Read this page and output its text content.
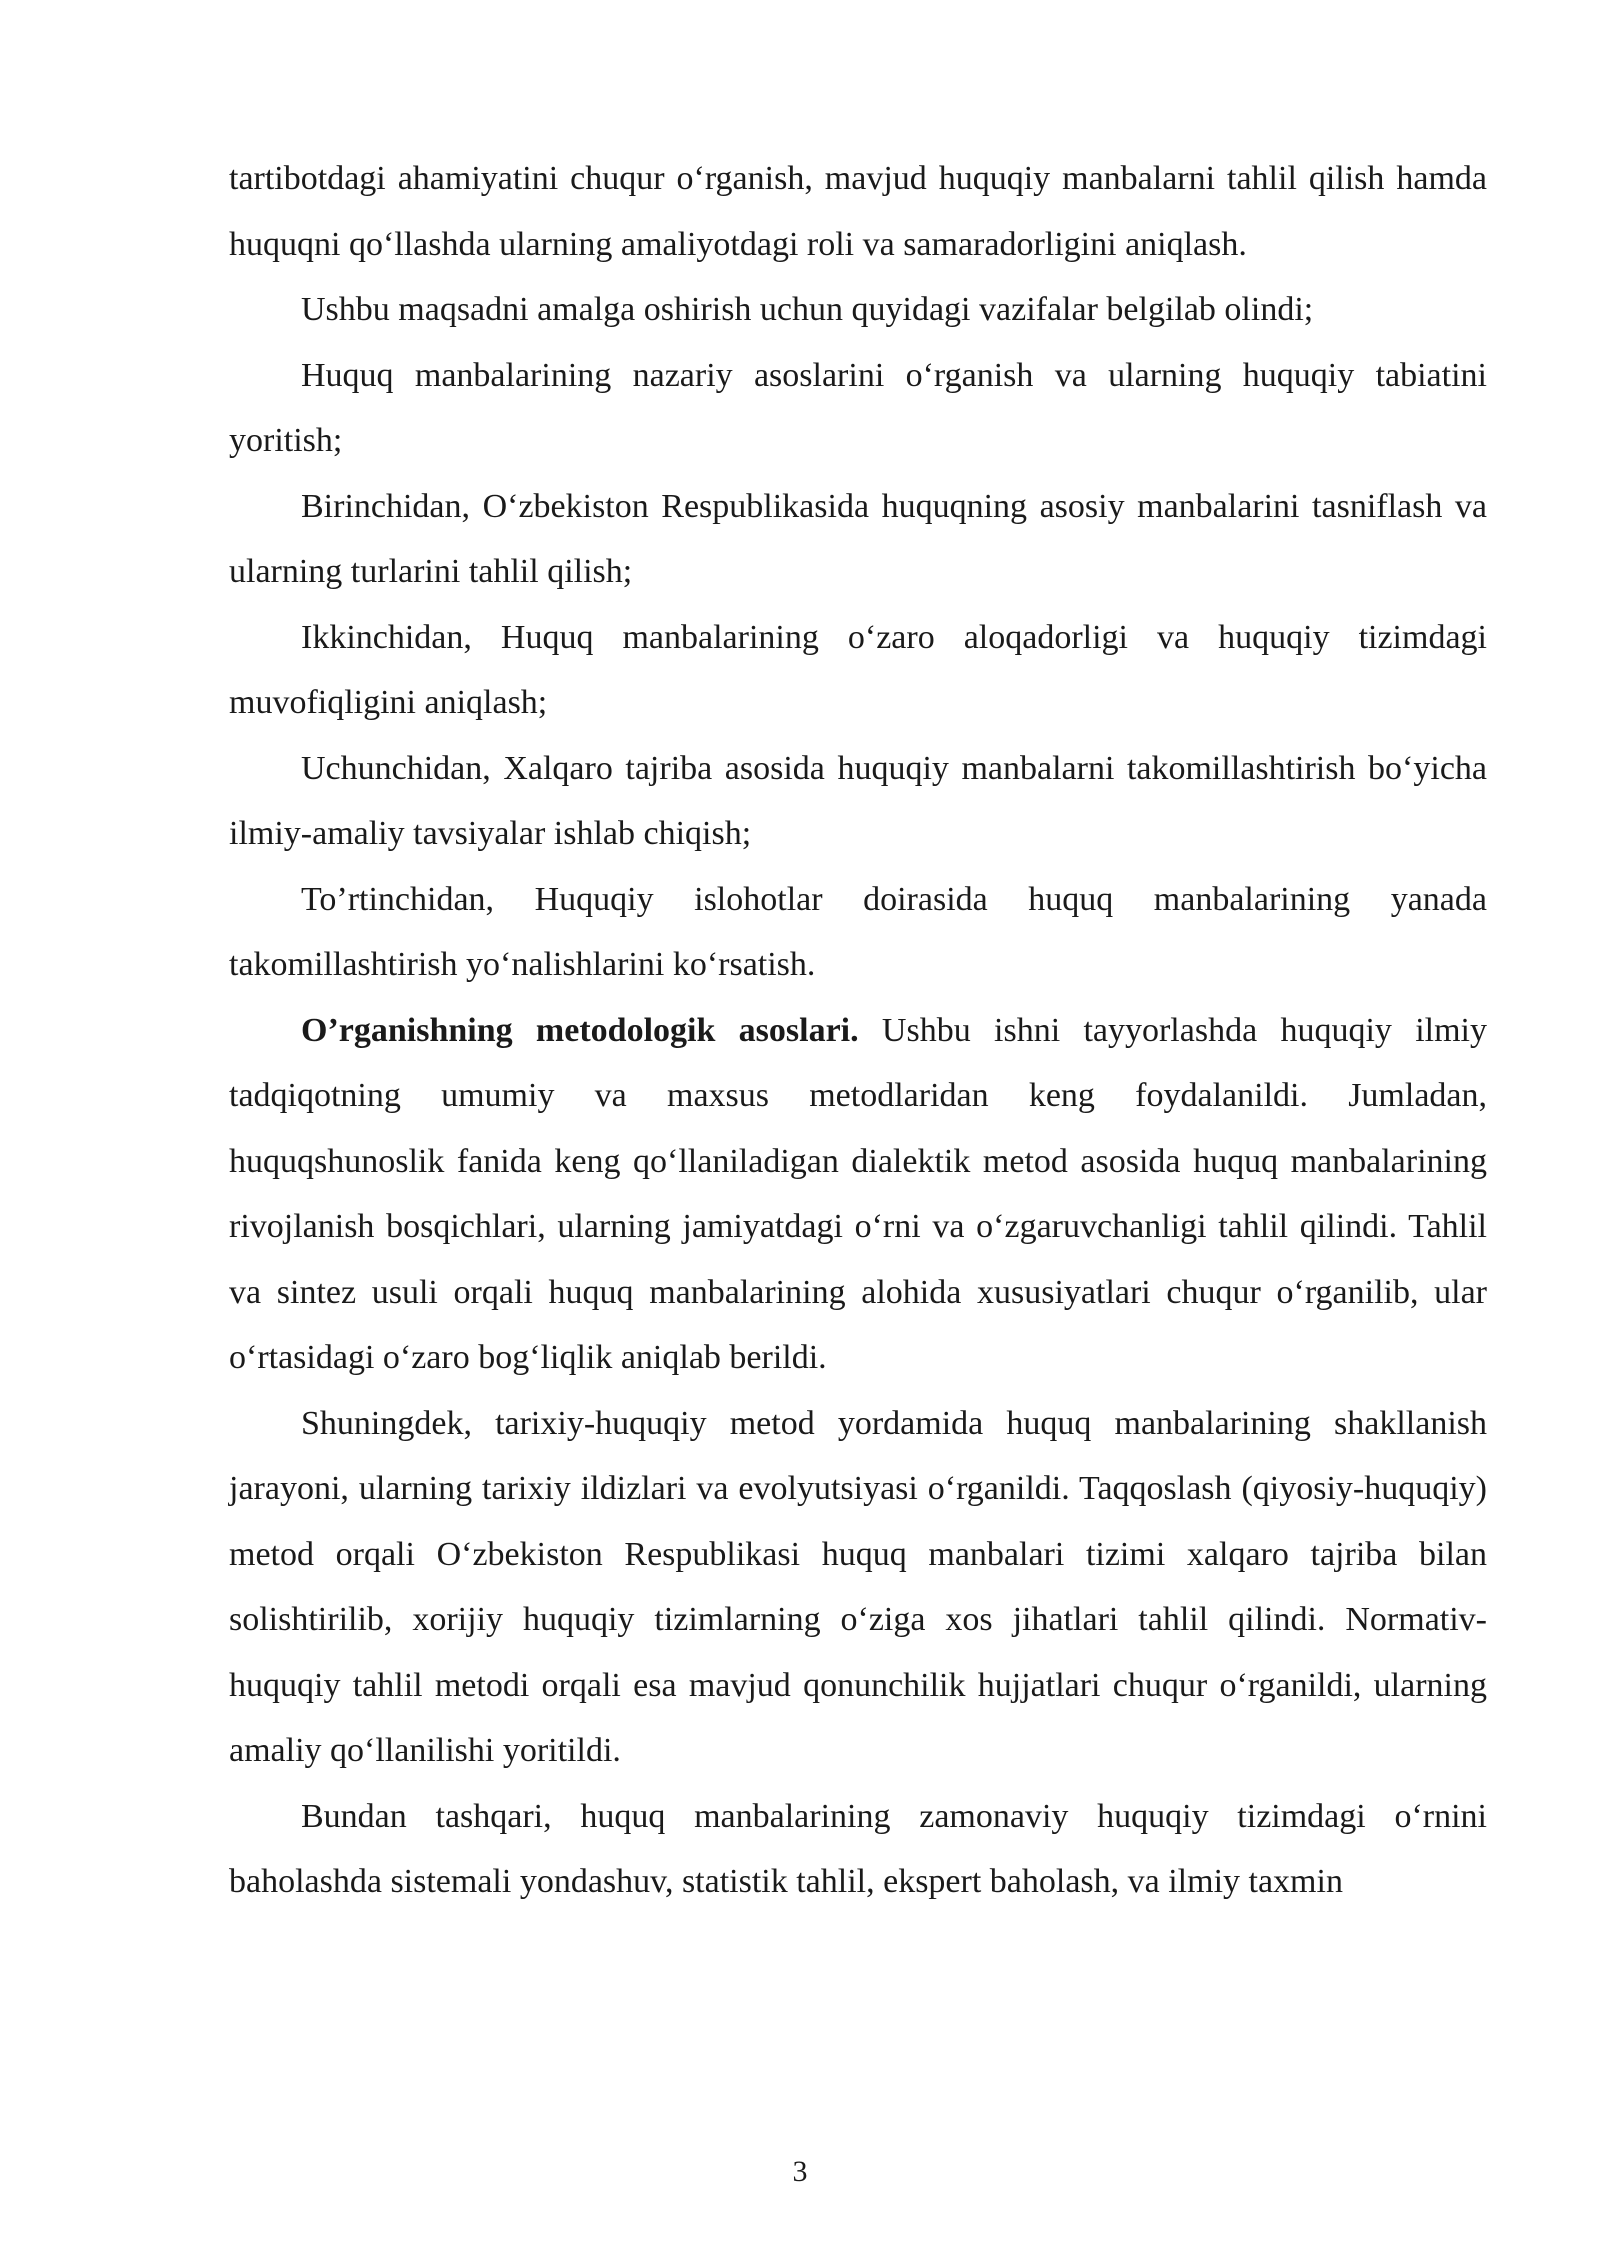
tartibotdagi ahamiyatini chuqur o‘rganish, mavjud huquqiy manbalarni tahlil qilish hamda huquqni qo‘llashda ularning amaliyotdagi roli va samaradorligini aniqlash.

Ushbu maqsadni amalga oshirish uchun quyidagi vazifalar belgilab olindi;

Huquq manbalarining nazariy asoslarini o‘rganish va ularning huquqiy tabiatini yoritish;

Birinchidan, O‘zbekiston Respublikasida huquqning asosiy manbalarini tasniflash va ularning turlarini tahlil qilish;

Ikkinchidan, Huquq manbalarining o‘zaro aloqadorligi va huquqiy tizimdagi muvofiqligini aniqlash;

Uchunchidan, Xalqaro tajriba asosida huquqiy manbalarni takomillashtirish bo‘yicha ilmiy-amaliy tavsiyalar ishlab chiqish;

To’rtinchidan, Huquqiy islohotlar doirasida huquq manbalarining yanada takomillashtirish yo‘nalishlarini ko‘rsatish.

O’rganishning metodologik asoslari. Ushbu ishni tayyorlashda huquqiy ilmiy tadqiqotning umumiy va maxsus metodlaridan keng foydalanildi. Jumladan, huquqshunoslik fanida keng qo‘llaniladigan dialektik metod asosida huquq manbalarining rivojlanish bosqichlari, ularning jamiyatdagi o‘rni va o‘zgaruvchanligi tahlil qilindi. Tahlil va sintez usuli orqali huquq manbalarining alohida xususiyatlari chuqur o‘rganilib, ular o‘rtasidagi o‘zaro bog‘liqlik aniqlab berildi.

Shuningdek, tarixiy-huquqiy metod yordamida huquq manbalarining shakllanish jarayoni, ularning tarixiy ildizlari va evolyutsiyasi o‘rganildi. Taqqoslash (qiyosiy-huquqiy) metod orqali O‘zbekiston Respublikasi huquq manbalari tizimi xalqaro tajriba bilan solishtirilib, xorijiy huquqiy tizimlarning o‘ziga xos jihatlari tahlil qilindi. Normativ-huquqiy tahlil metodi orqali esa mavjud qonunchilik hujjatlari chuqur o‘rganildi, ularning amaliy qo‘llanilishi yoritildi.

Bundan tashqari, huquq manbalarining zamonaviy huquqiy tizimdagi o‘rnini baholashda sistemali yondashuv, statistik tahlil, ekspert baholash, va ilmiy taxmin

3
